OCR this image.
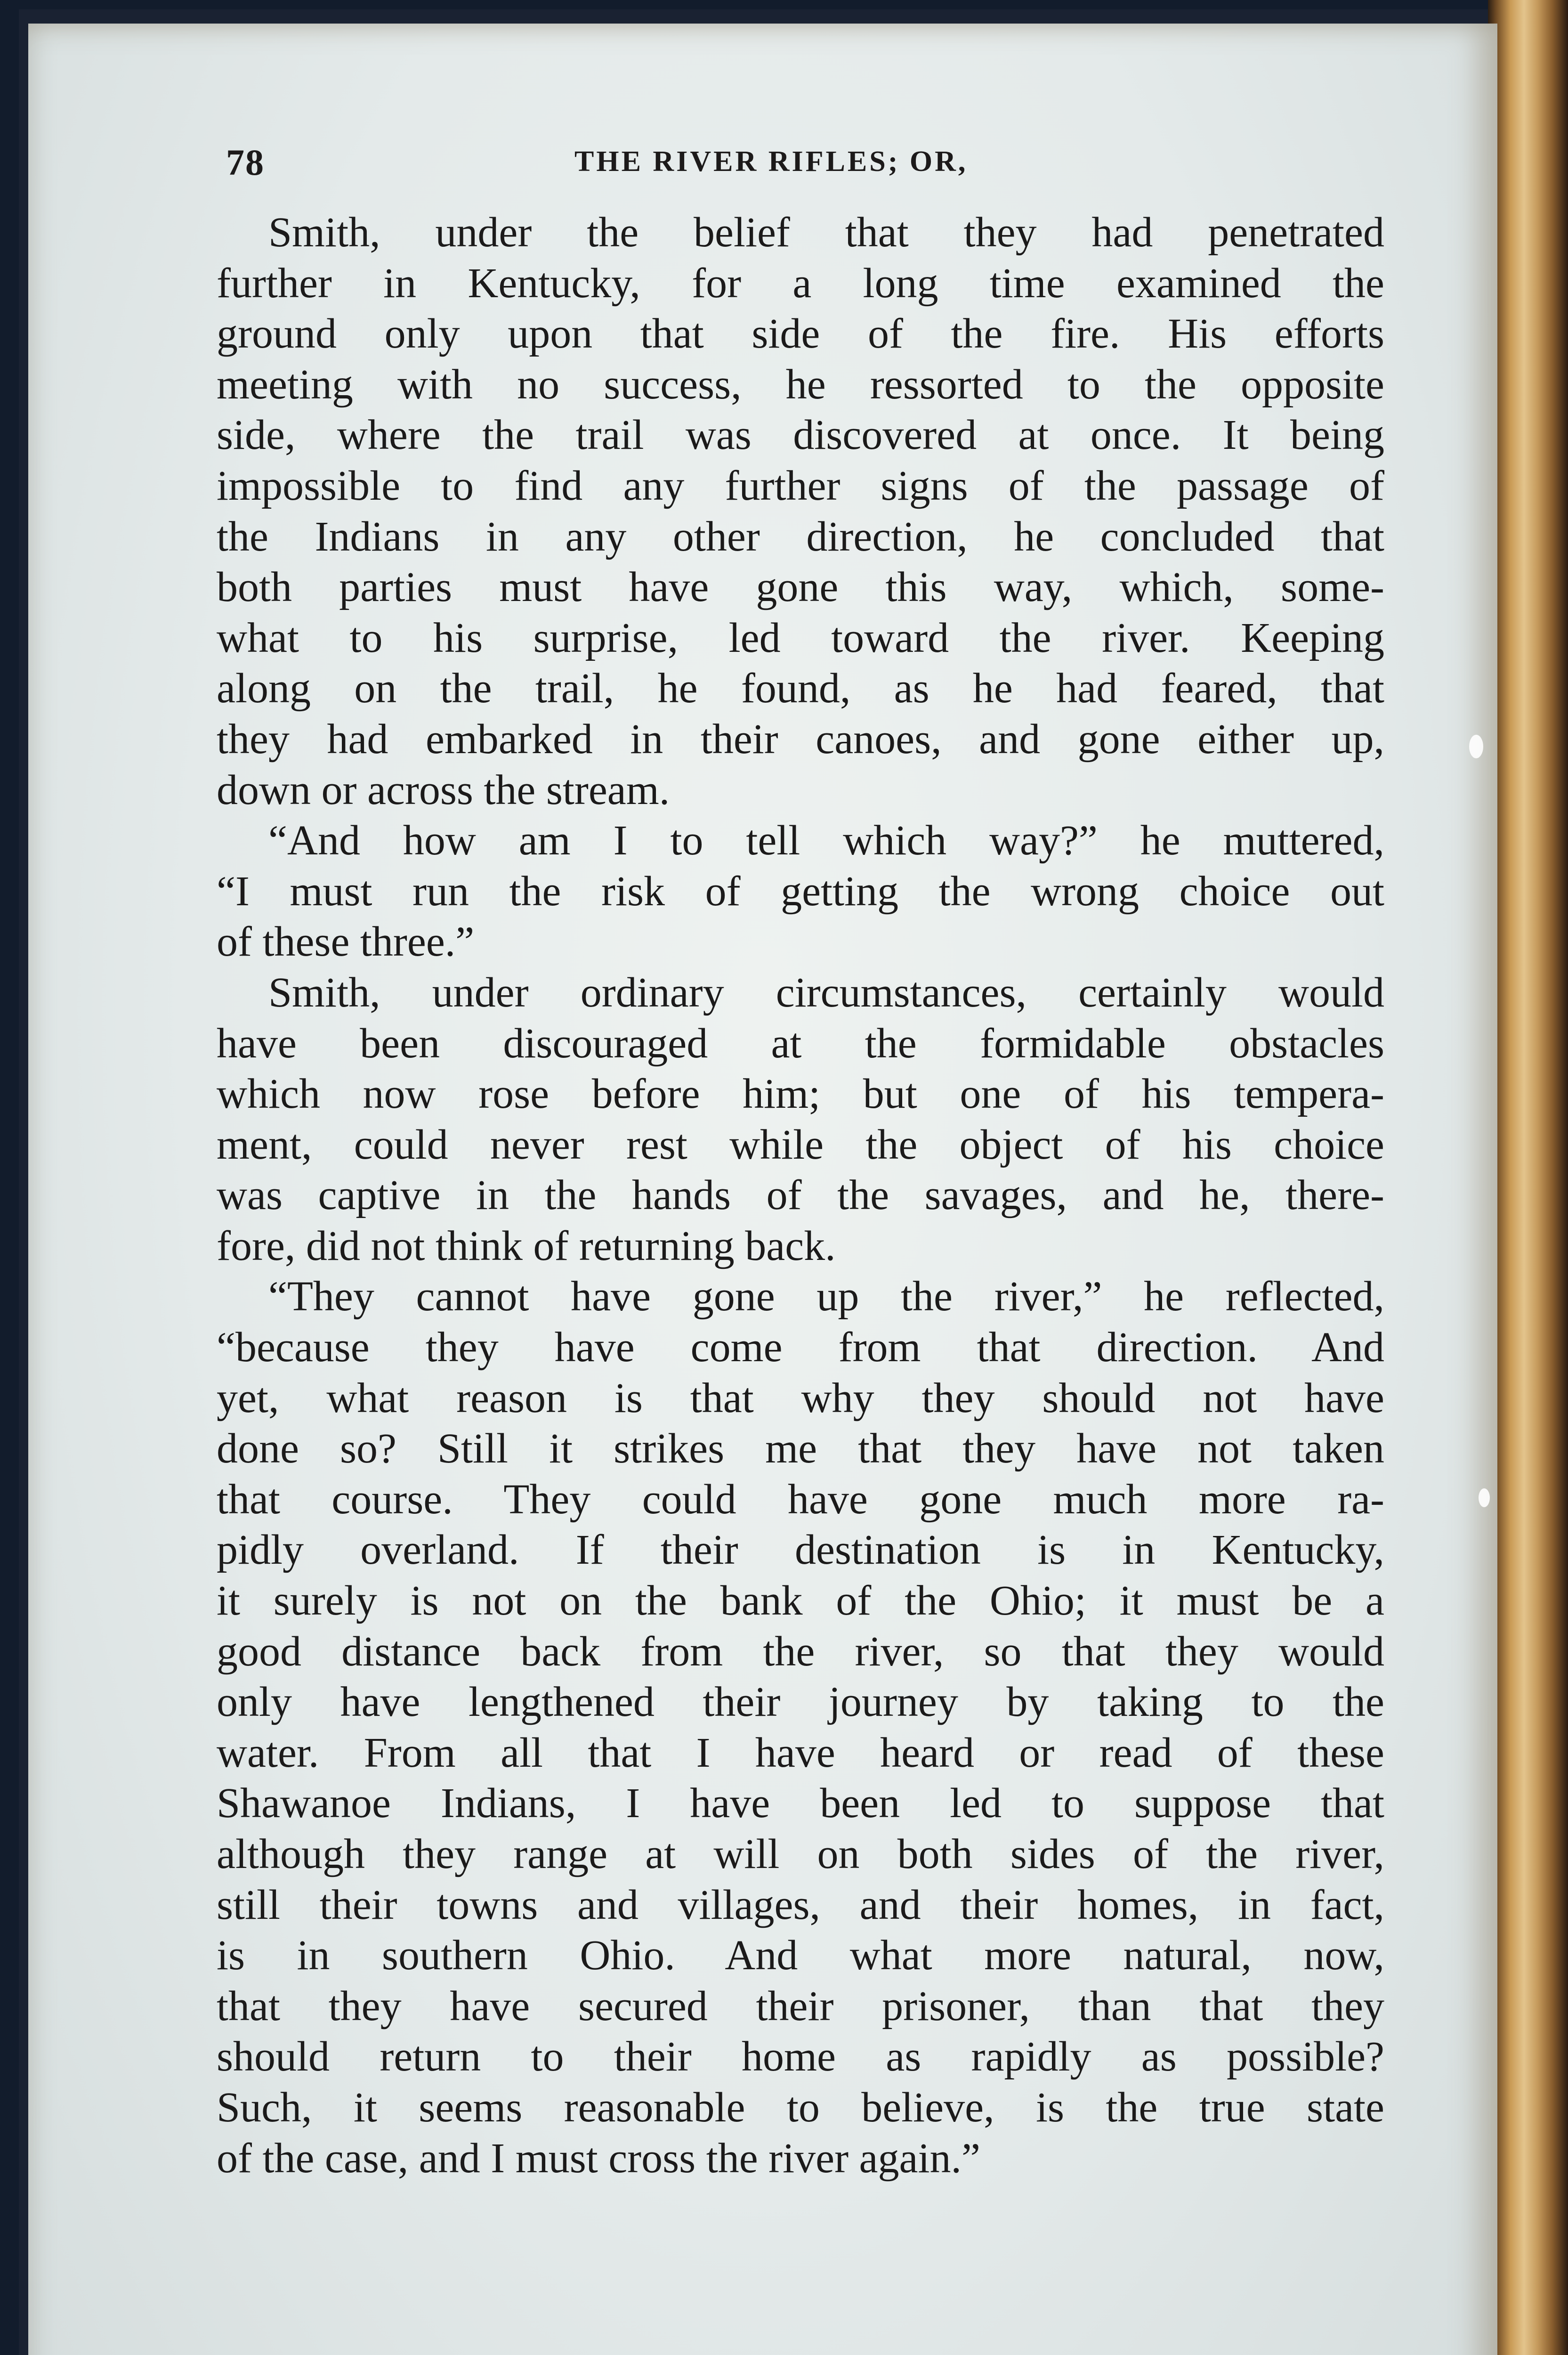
78	THE RIVER RIFLES; OR,
Smith, under the belief that they had penetrated
further in Kentucky, for a long time examined the
ground only upon that side of the fire. His efforts
meeting with no success, he ressorted to the opposite
side, where the trail was discovered at once. It being
impossible to find any further signs of the passage of
the Indians in any other direction, he concluded that
both parties must have gone this way, which, some-
what to his surprise, led toward the river. Keeping
along on the trail, he found, as he had feared, that
they had embarked in their canoes, and gone either up,
down or across the stream.
“And how am I to tell which way?” he muttered,
“I must run the risk of getting the wrong choice out
of these three.”
Smith, under ordinary circumstances, certainly would
have been discouraged at the formidable obstacles
which now rose before him; but one of his tempera-
ment, could never rest while the object of his choice
was captive in the hands of the savages, and he, there-
fore, did not think of returning back.
“They cannot have gone up the river,” he reflected,
“because they have come from that direction. And
yet, what reason is that why they should not have
done so? Still it strikes me that they have not taken
that course. They could have gone much more ra-
pidly overland. If their destination is in Kentucky,
it surely is not on the bank of the Ohio; it must be a
good distance back from the river, so that they would
only have lengthened their journey by taking to the
water. From all that I have heard or read of these
Shawanoe Indians, I have been led to suppose that
although they range at will on both sides of the river,
still their towns and villages, and their homes, in fact,
is in southern Ohio. And what more natural, now,
that they have secured their prisoner, than that they
should return to their home as rapidly as possible?
Such, it seems reasonable to believe, is the true state
of the case, and I must cross the river again.”
